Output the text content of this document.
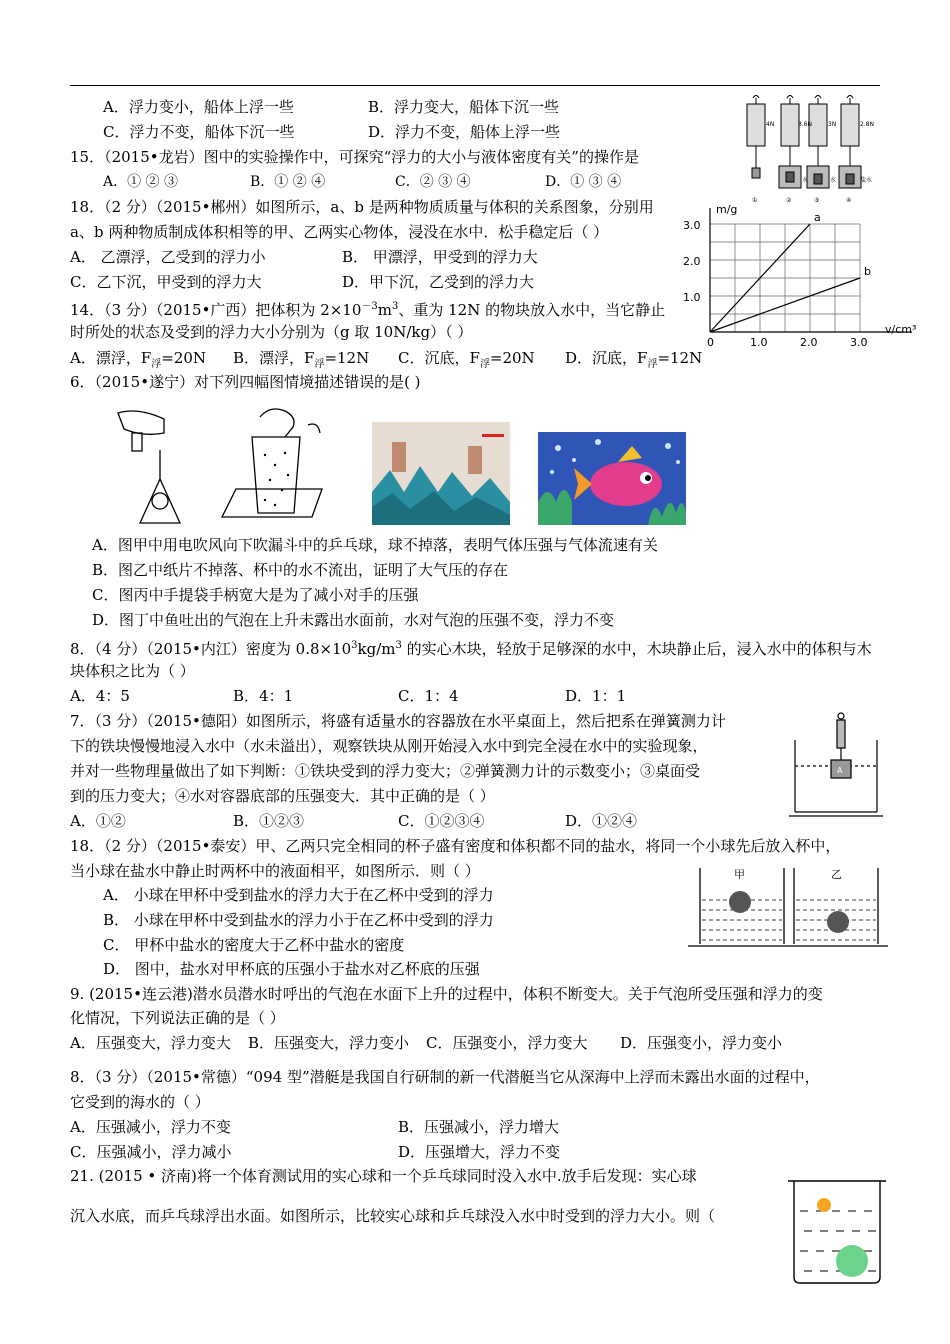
A．浮力变小，船体上浮一些	B．浮力变大，船体下沉一些
C．浮力不变，船体下沉一些	D．浮力不变，船体上浮一些
15．（2015•龙岩）图中的实验操作中，可探究“浮力的大小与液体密度有关”的操作是
A．① ② ③	B．① ② ④	C．② ③ ④	D．① ③ ④
4N	3.6N	3N	2.8N
水	水	盐水
①	②	③	④
18．（2 分）（2015•郴州）如图所示，a、b 是两种物质质量与体积的关系图象，分别用
a、b 两种物质制成体积相等的甲、乙两实心物体，浸没在水中．松手稳定后（ ）
A． 乙漂浮，乙受到的浮力小	B． 甲漂浮，甲受到的浮力大
C．乙下沉，甲受到的浮力大	D．甲下沉，乙受到的浮力大
m/g
v/cm³
3.0
2.0
1.0
0	1.0	2.0	3.0
a
b
14．（3 分）（2015•广西）把体积为 $2\times 10^{-3}m^3$、重为 12N 的物块放入水中，当它静止
时所处的状态及受到的浮力大小分别为（g 取 10N/kg）（ ）
A．漂浮，$F_浮=20N$ B．漂浮，$F_浮=12N$ C．沉底，$F_浮=20N$ D．沉底，$F_浮=12N$
6．（2015•遂宁）对下列四幅图情境描述错误的是( )
A．图甲中用电吹风向下吹漏斗中的乒乓球，球不掉落，表明气体压强与气体流速有关
B．图乙中纸片不掉落、杯中的水不流出，证明了大气压的存在
C．图丙中手提袋手柄宽大是为了减小对手的压强
D．图丁中鱼吐出的气泡在上升未露出水面前，水对气泡的压强不变，浮力不变
8．（4 分）（2015•内江）密度为 $0.8\times 10^3kg/m^3$ 的实心木块，轻放于足够深的水中，木块静止后，浸入水中的体积与木
块体积之比为（ ）
A．4：5	B．4：1	C．1：4	D．1：1
7．（3 分）（2015•德阳）如图所示，将盛有适量水的容器放在水平桌面上，然后把系在弹簧测力计
下的铁块慢慢地浸入水中（水未溢出），观察铁块从刚开始浸入水中到完全浸在水中的实验现象，
并对一些物理量做出了如下判断：①铁块受到的浮力变大；②弹簧测力计的示数变小；③桌面受
到的压力变大；④水对容器底部的压强变大．其中正确的是（ ）
A．①②	B．①②③	C．①②③④	D．①②④
A
18．（2 分）（2015•泰安）甲、乙两只完全相同的杯子盛有密度和体积都不同的盐水，将同一个小球先后放入杯中，
当小球在盐水中静止时两杯中的液面相平，如图所示．则（ ）
A． 小球在甲杯中受到盐水的浮力大于在乙杯中受到的浮力
B． 小球在甲杯中受到盐水的浮力小于在乙杯中受到的浮力
C． 甲杯中盐水的密度大于乙杯中盐水的密度
D． 图中，盐水对甲杯底的压强小于盐水对乙杯底的压强
甲	乙
9. (2015•连云港)潜水员潜水时呼出的气泡在水面下上升的过程中，体积不断变大。关于气泡所受压强和浮力的变
化情况，下列说法正确的是（ ）
A．压强变大，浮力变大 B．压强变大，浮力变小 C．压强变小，浮力变大 D．压强变小，浮力变小
8．（3 分）（2015•常德）“094 型”潜艇是我国自行研制的新一代潜艇当它从深海中上浮而未露出水面的过程中，
它受到的海水的（ ）
A．压强减小，浮力不变	B．压强减小，浮力增大
C．压强减小，浮力减小	D．压强增大，浮力不变
21. (2015 • 济南)将一个体育测试用的实心球和一个乒乓球同时没入水中.放手后发现：实心球
沉入水底，而乒乓球浮出水面。如图所示，比较实心球和乒乓球没入水中时受到的浮力大小。则（
